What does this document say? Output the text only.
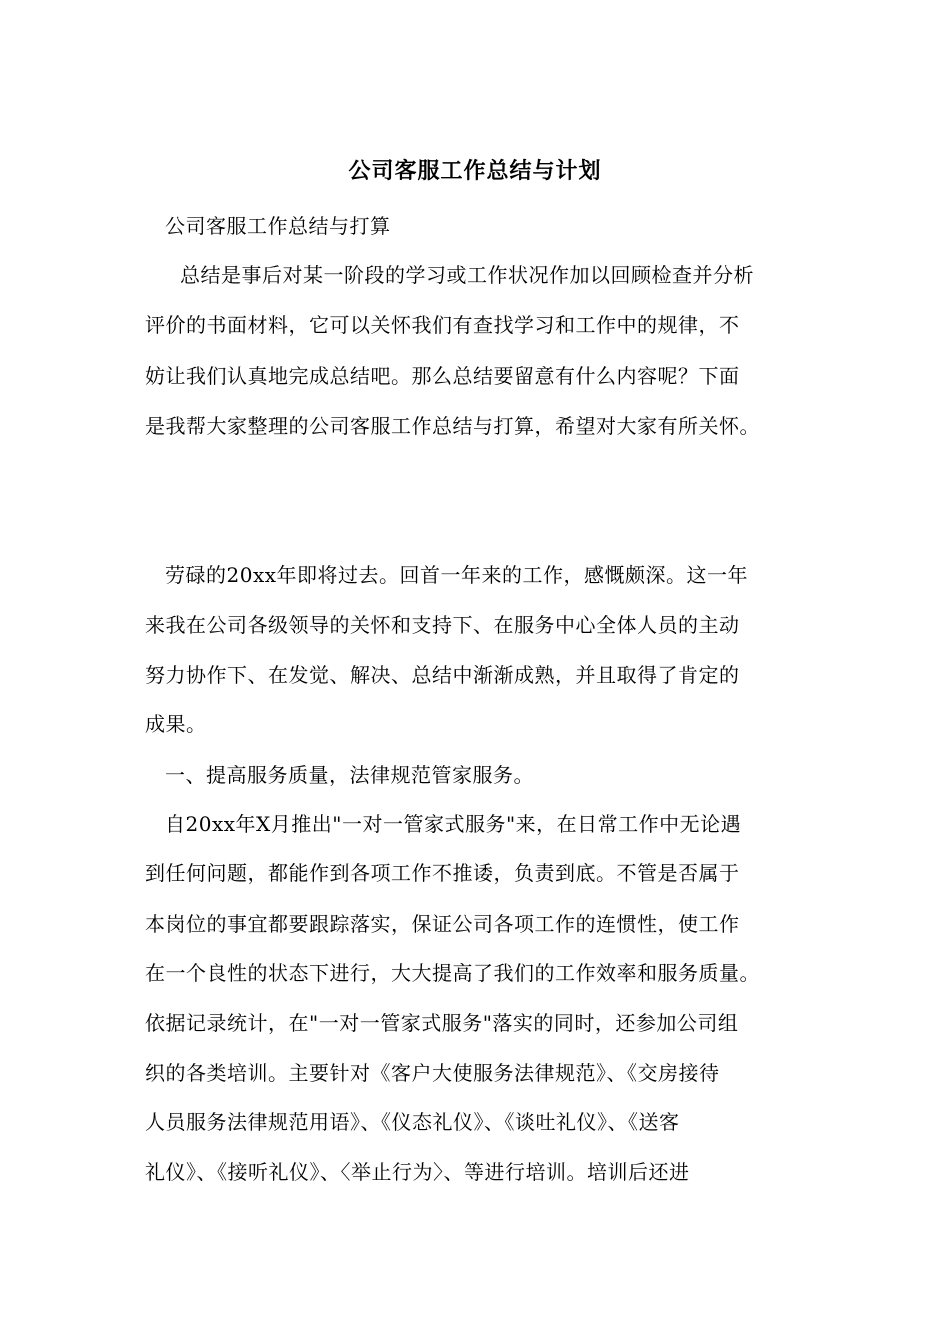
公司客服工作总结与计划
公司客服工作总结与打算
总结是事后对某一阶段的学习或工作状况作加以回顾检查并分析
评价的书面材料，它可以关怀我们有查找学习和工作中的规律，不
妨让我们认真地完成总结吧。那么总结要留意有什么内容呢？下面
是我帮大家整理的公司客服工作总结与打算，希望对大家有所关怀。
劳碌的20xx年即将过去。回首一年来的工作，感慨颇深。这一年
来我在公司各级领导的关怀和支持下、在服务中心全体人员的主动
努力协作下、在发觉、解决、总结中渐渐成熟，并且取得了肯定的
成果。
一、提高服务质量，法律规范管家服务。
自20xx年X月推出"一对一管家式服务"来，在日常工作中无论遇
到任何问题，都能作到各项工作不推诿，负责到底。不管是否属于
本岗位的事宜都要跟踪落实，保证公司各项工作的连惯性，使工作
在一个良性的状态下进行，大大提高了我们的工作效率和服务质量。
依据记录统计，在"一对一管家式服务"落实的同时，还参加公司组
织的各类培训。主要针对《客户大使服务法律规范》、《交房接待
人员服务法律规范用语》、《仪态礼仪》、《谈吐礼仪》、《送客
礼仪》、《接听礼仪》、〈举止行为〉、等进行培训。培训后还进
